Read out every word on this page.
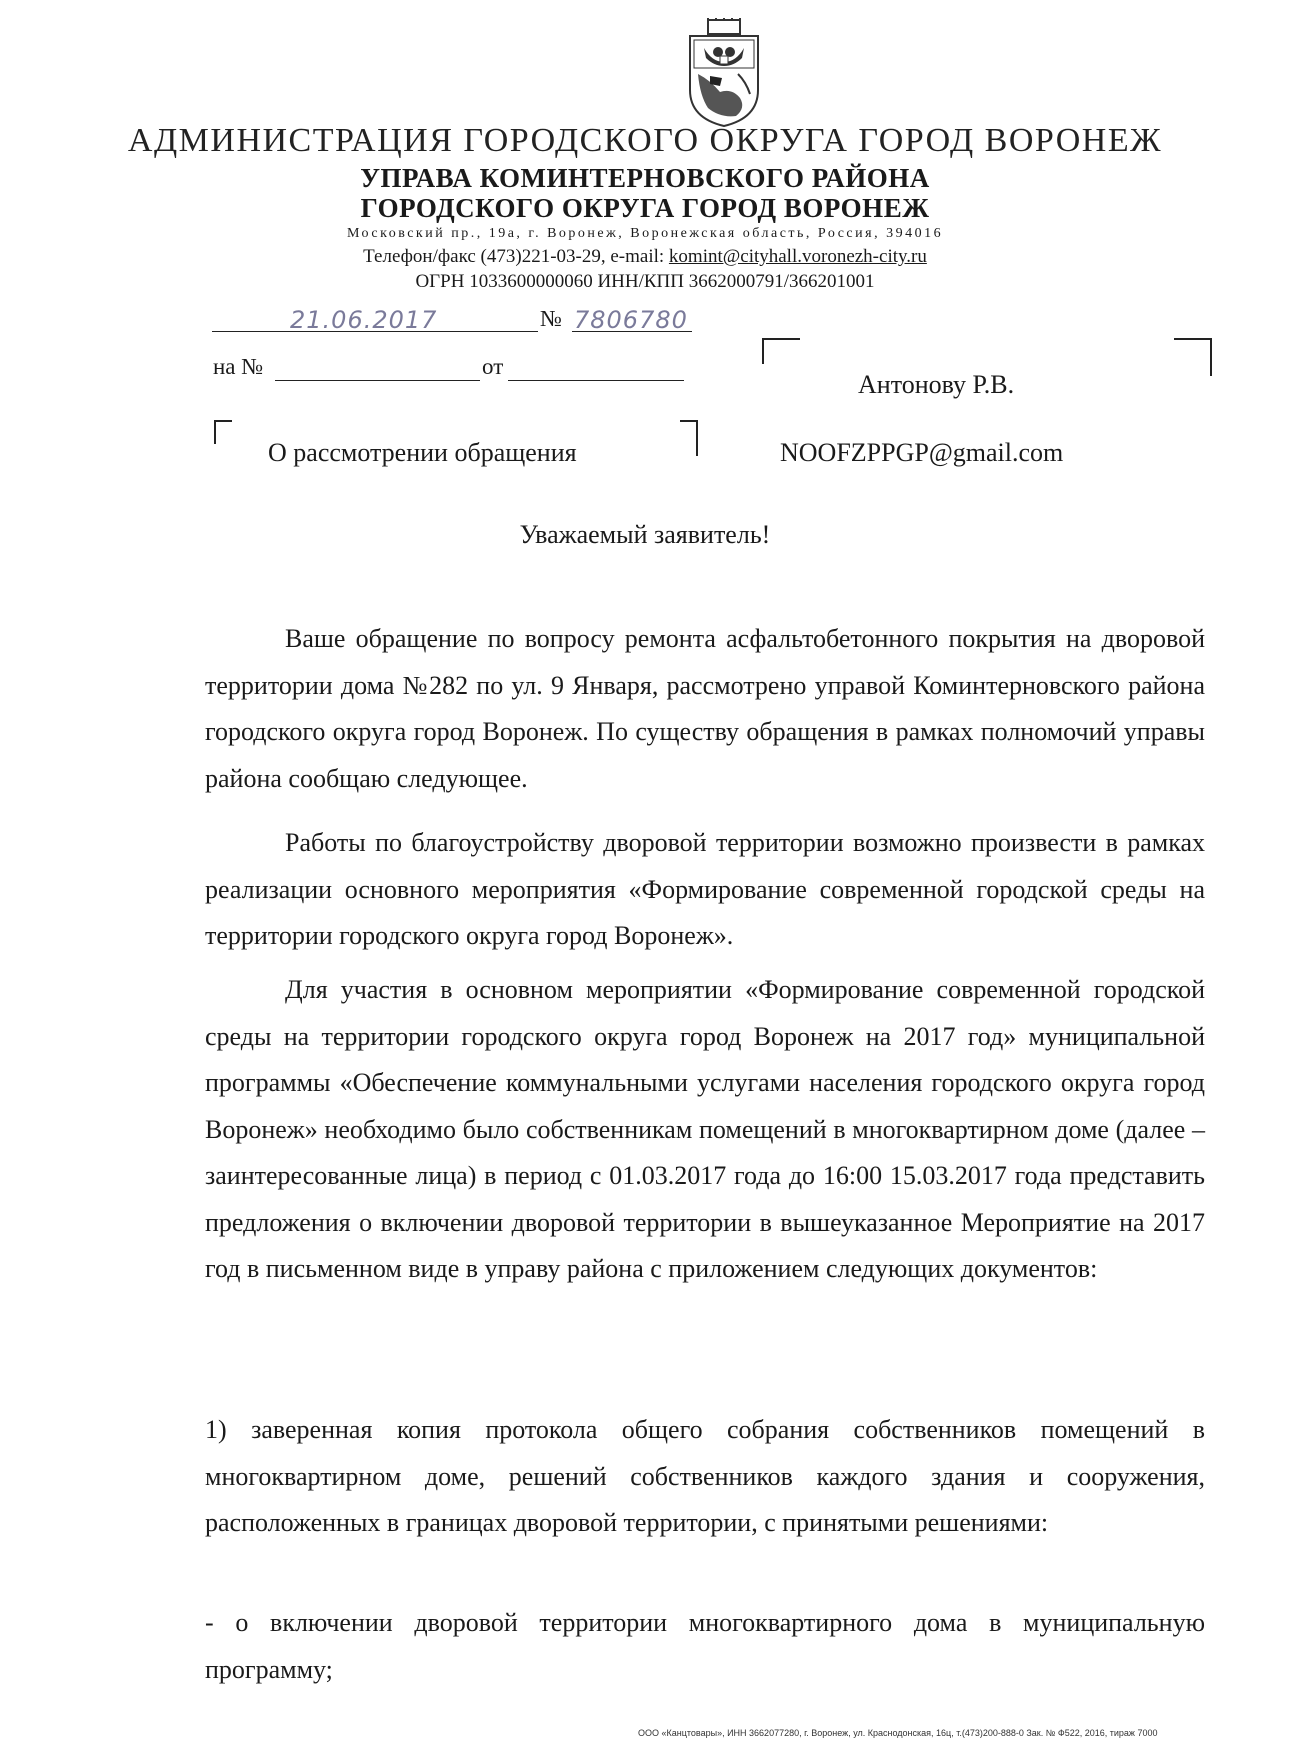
АДМИНИСТРАЦИЯ ГОРОДСКОГО ОКРУГА ГОРОД ВОРОНЕЖ
УПРАВА КОМИНТЕРНОВСКОГО РАЙОНА
ГОРОДСКОГО ОКРУГА ГОРОД ВОРОНЕЖ
Московский пр., 19а, г. Воронеж, Воронежская область, Россия, 394016
Телефон/факс (473)221-03-29, e-mail: komint@cityhall.voronezh-city.ru
ОГРН 1033600000060 ИНН/КПП 3662000791/366201001
21.06.2017	№ 7806780
на №	от
Антонову Р.В.
NOOFZPPGP@gmail.com
О рассмотрении обращения
Уважаемый заявитель!

Ваше обращение по вопросу ремонта асфальтобетонного покрытия на дворовой территории дома №282 по ул. 9 Января, рассмотрено управой Коминтерновского района городского округа город Воронеж. По существу обращения в рамках полномочий управы района сообщаю следующее.

Работы по благоустройству дворовой территории возможно произвести в рамках реализации основного мероприятия «Формирование современной городской среды на территории городского округа город Воронеж».

Для участия в основном мероприятии «Формирование современной городской среды на территории городского округа город Воронеж на 2017 год» муниципальной программы «Обеспечение коммунальными услугами населения городского округа город Воронеж» необходимо было собственникам помещений в многоквартирном доме (далее – заинтересованные лица) в период с 01.03.2017 года до 16:00 15.03.2017 года представить предложения о включении дворовой территории в вышеуказанное Мероприятие на 2017 год в письменном виде в управу района с приложением следующих документов:

1) заверенная копия протокола общего собрания собственников помещений в многоквартирном доме, решений собственников каждого здания и сооружения, расположенных в границах дворовой территории, с принятыми решениями:

- о включении дворовой территории многоквартирного дома в муниципальную программу;

ООО «Канцтовары», ИНН 3662077280, г. Воронеж, ул. Краснодонская, 16ц, т.(473)200-888-0 Зак. № Ф522, 2016, тираж 7000
